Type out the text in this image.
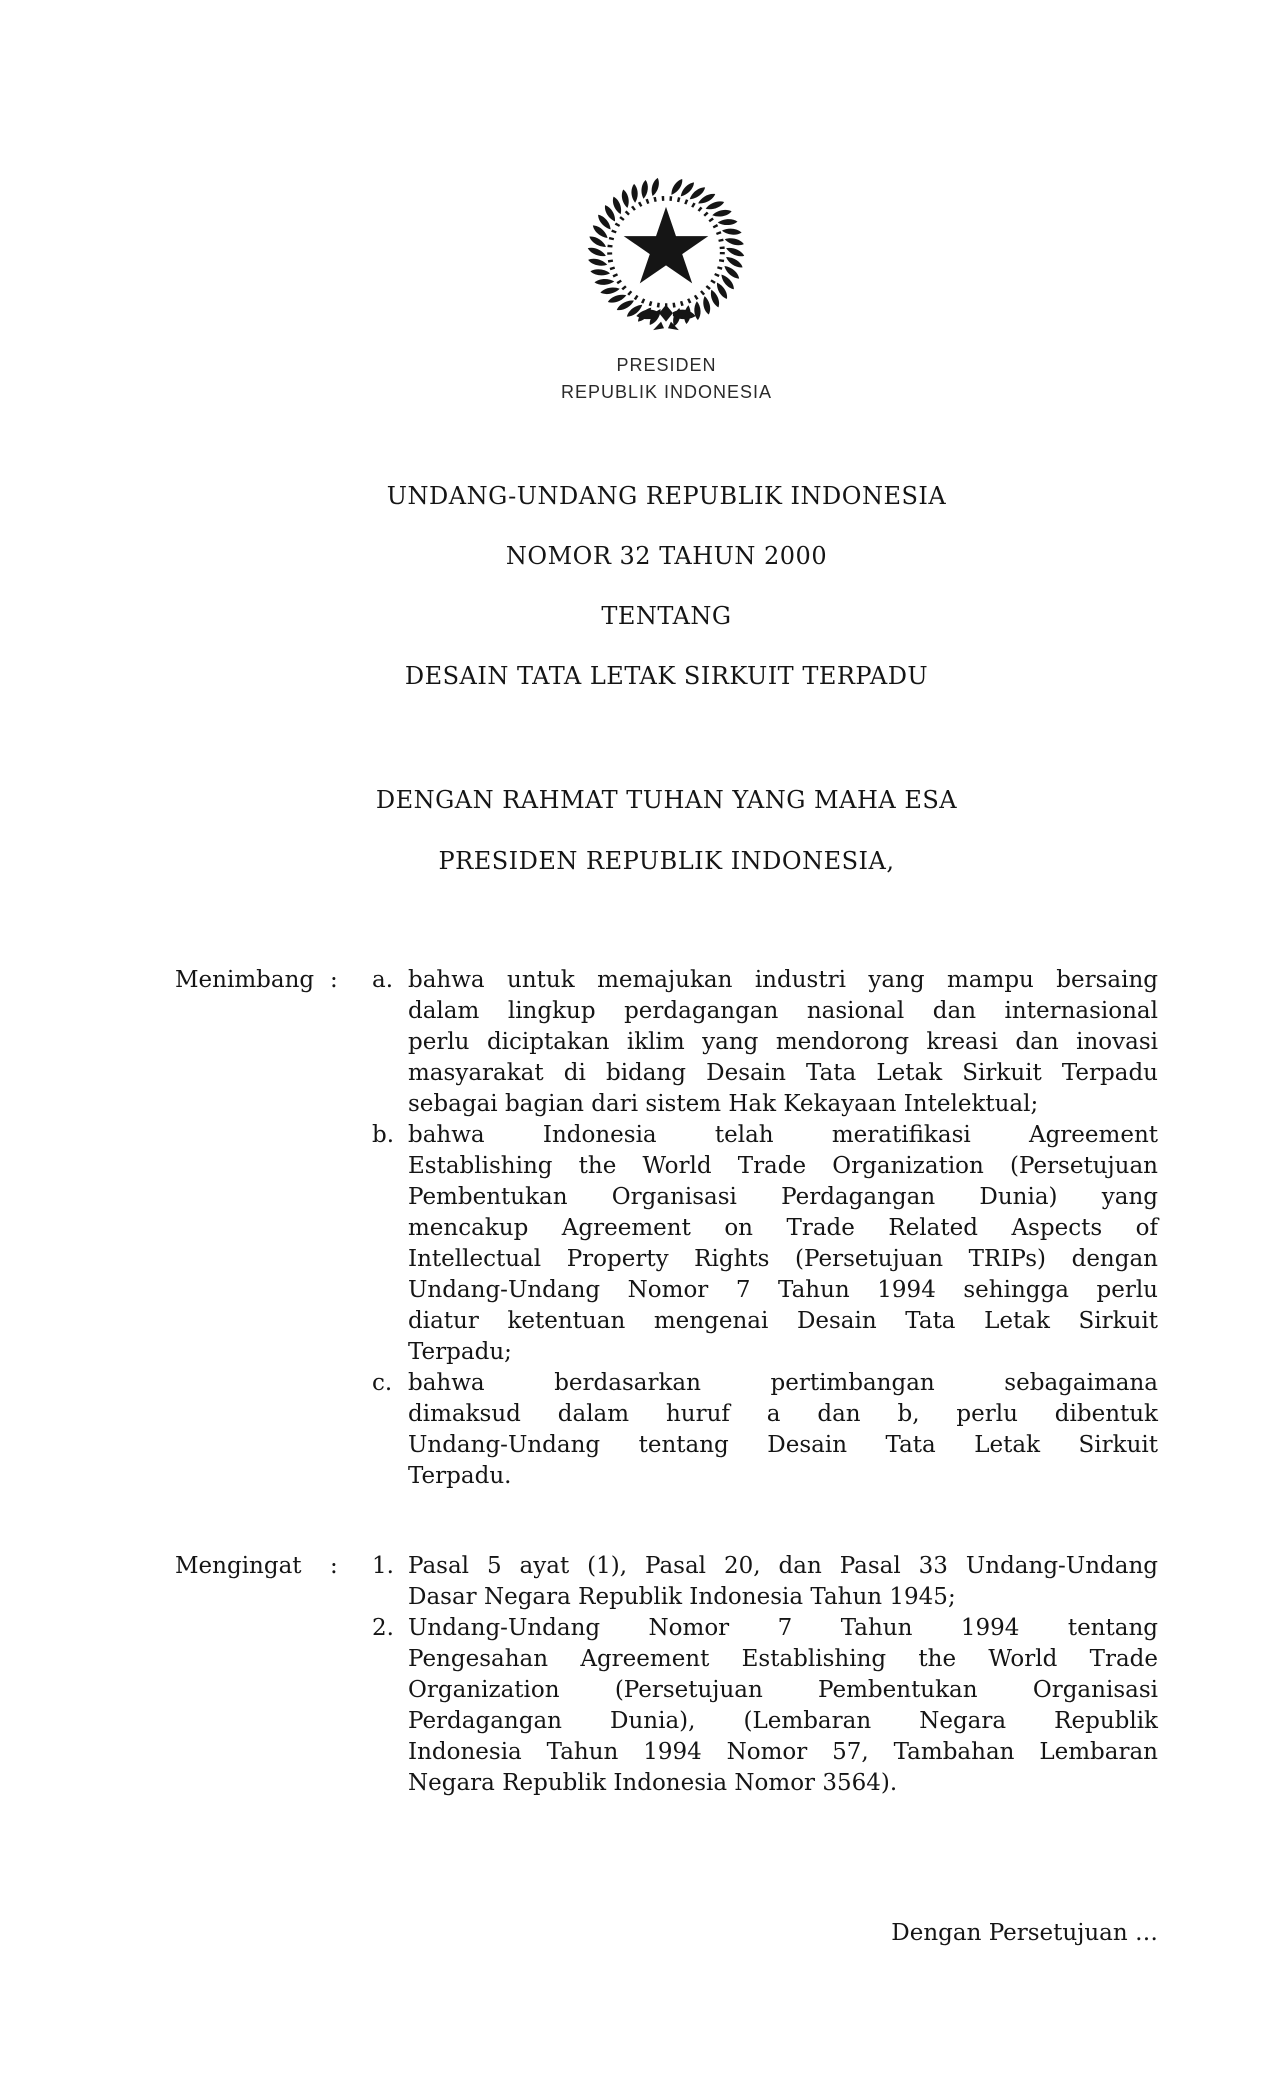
PRESIDEN
REPUBLIK INDONESIA
UNDANG-UNDANG REPUBLIK INDONESIA
NOMOR 32 TAHUN 2000
TENTANG
DESAIN TATA LETAK SIRKUIT TERPADU
DENGAN RAHMAT TUHAN YANG MAHA ESA
PRESIDEN REPUBLIK INDONESIA,
Menimbang :	a. bahwa untuk memajukan industri yang mampu bersaing
dalam lingkup perdagangan nasional dan internasional
perlu diciptakan iklim yang mendorong kreasi dan inovasi
masyarakat di bidang Desain Tata Letak Sirkuit Terpadu
sebagai bagian dari sistem Hak Kekayaan Intelektual;
b. bahwa Indonesia telah meratifikasi Agreement
Establishing the World Trade Organization (Persetujuan
Pembentukan Organisasi Perdagangan Dunia) yang
mencakup Agreement on Trade Related Aspects of
Intellectual Property Rights (Persetujuan TRIPs) dengan
Undang-Undang Nomor 7 Tahun 1994 sehingga perlu
diatur ketentuan mengenai Desain Tata Letak Sirkuit
Terpadu;
c. bahwa berdasarkan pertimbangan sebagaimana
dimaksud dalam huruf a dan b, perlu dibentuk
Undang-Undang tentang Desain Tata Letak Sirkuit
Terpadu.
Mengingat	:	1. Pasal 5 ayat (1), Pasal 20, dan Pasal 33 Undang-Undang
Dasar Negara Republik Indonesia Tahun 1945;
2. Undang-Undang Nomor 7 Tahun 1994 tentang
Pengesahan Agreement Establishing the World Trade
Organization (Persetujuan Pembentukan Organisasi
Perdagangan Dunia), (Lembaran Negara Republik
Indonesia Tahun 1994 Nomor 57, Tambahan Lembaran
Negara Republik Indonesia Nomor 3564).
Dengan Persetujuan …
